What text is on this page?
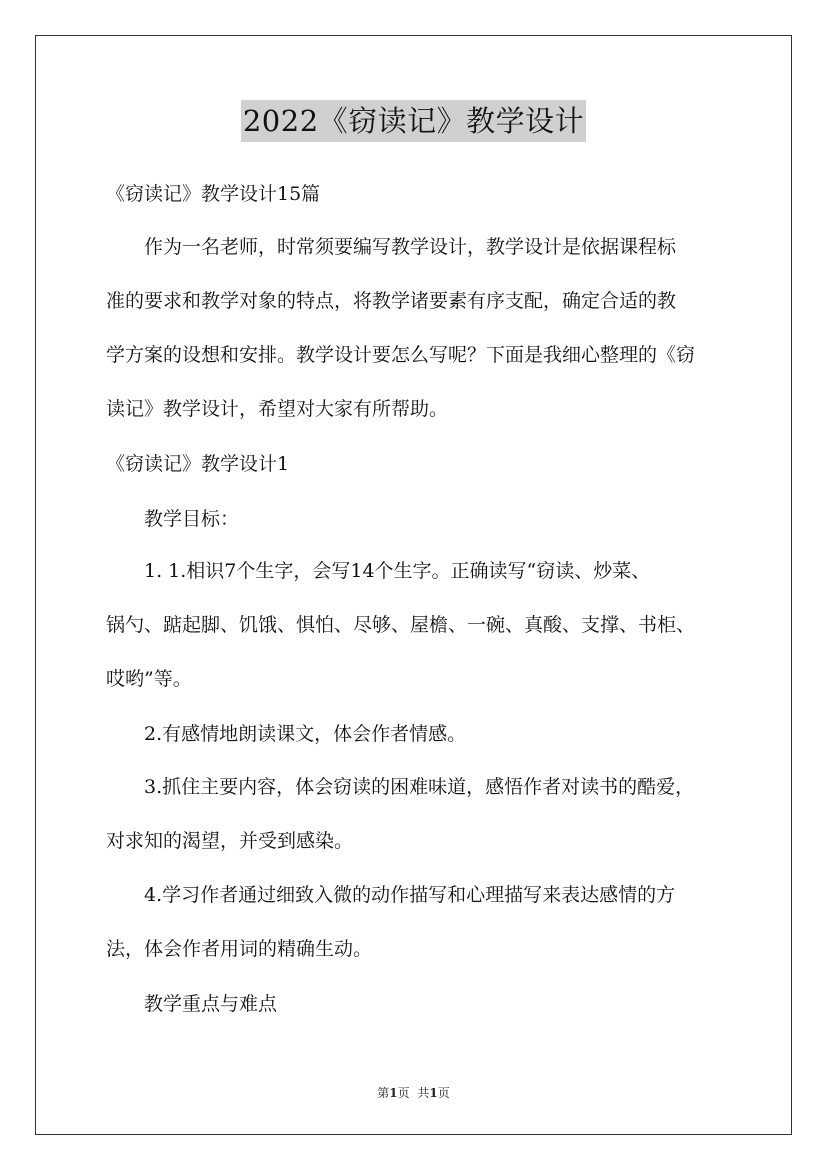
2022《窃读记》教学设计
《窃读记》教学设计15篇
作为一名老师，时常须要编写教学设计，教学设计是依据课程标
准的要求和教学对象的特点，将教学诸要素有序支配，确定合适的教
学方案的设想和安排。教学设计要怎么写呢？下面是我细心整理的《窃
读记》教学设计，希望对大家有所帮助。
《窃读记》教学设计1
教学目标：
1. 1.相识7个生字，会写14个生字。正确读写“窃读、炒菜、
锅勺、踮起脚、饥饿、惧怕、尽够、屋檐、一碗、真酸、支撑、书柜、
哎哟”等。
2.有感情地朗读课文，体会作者情感。
3.抓住主要内容，体会窃读的困难味道，感悟作者对读书的酷爱，
对求知的渴望，并受到感染。
4.学习作者通过细致入微的动作描写和心理描写来表达感情的方
法，体会作者用词的精确生动。
教学重点与难点
第1页 共1页
